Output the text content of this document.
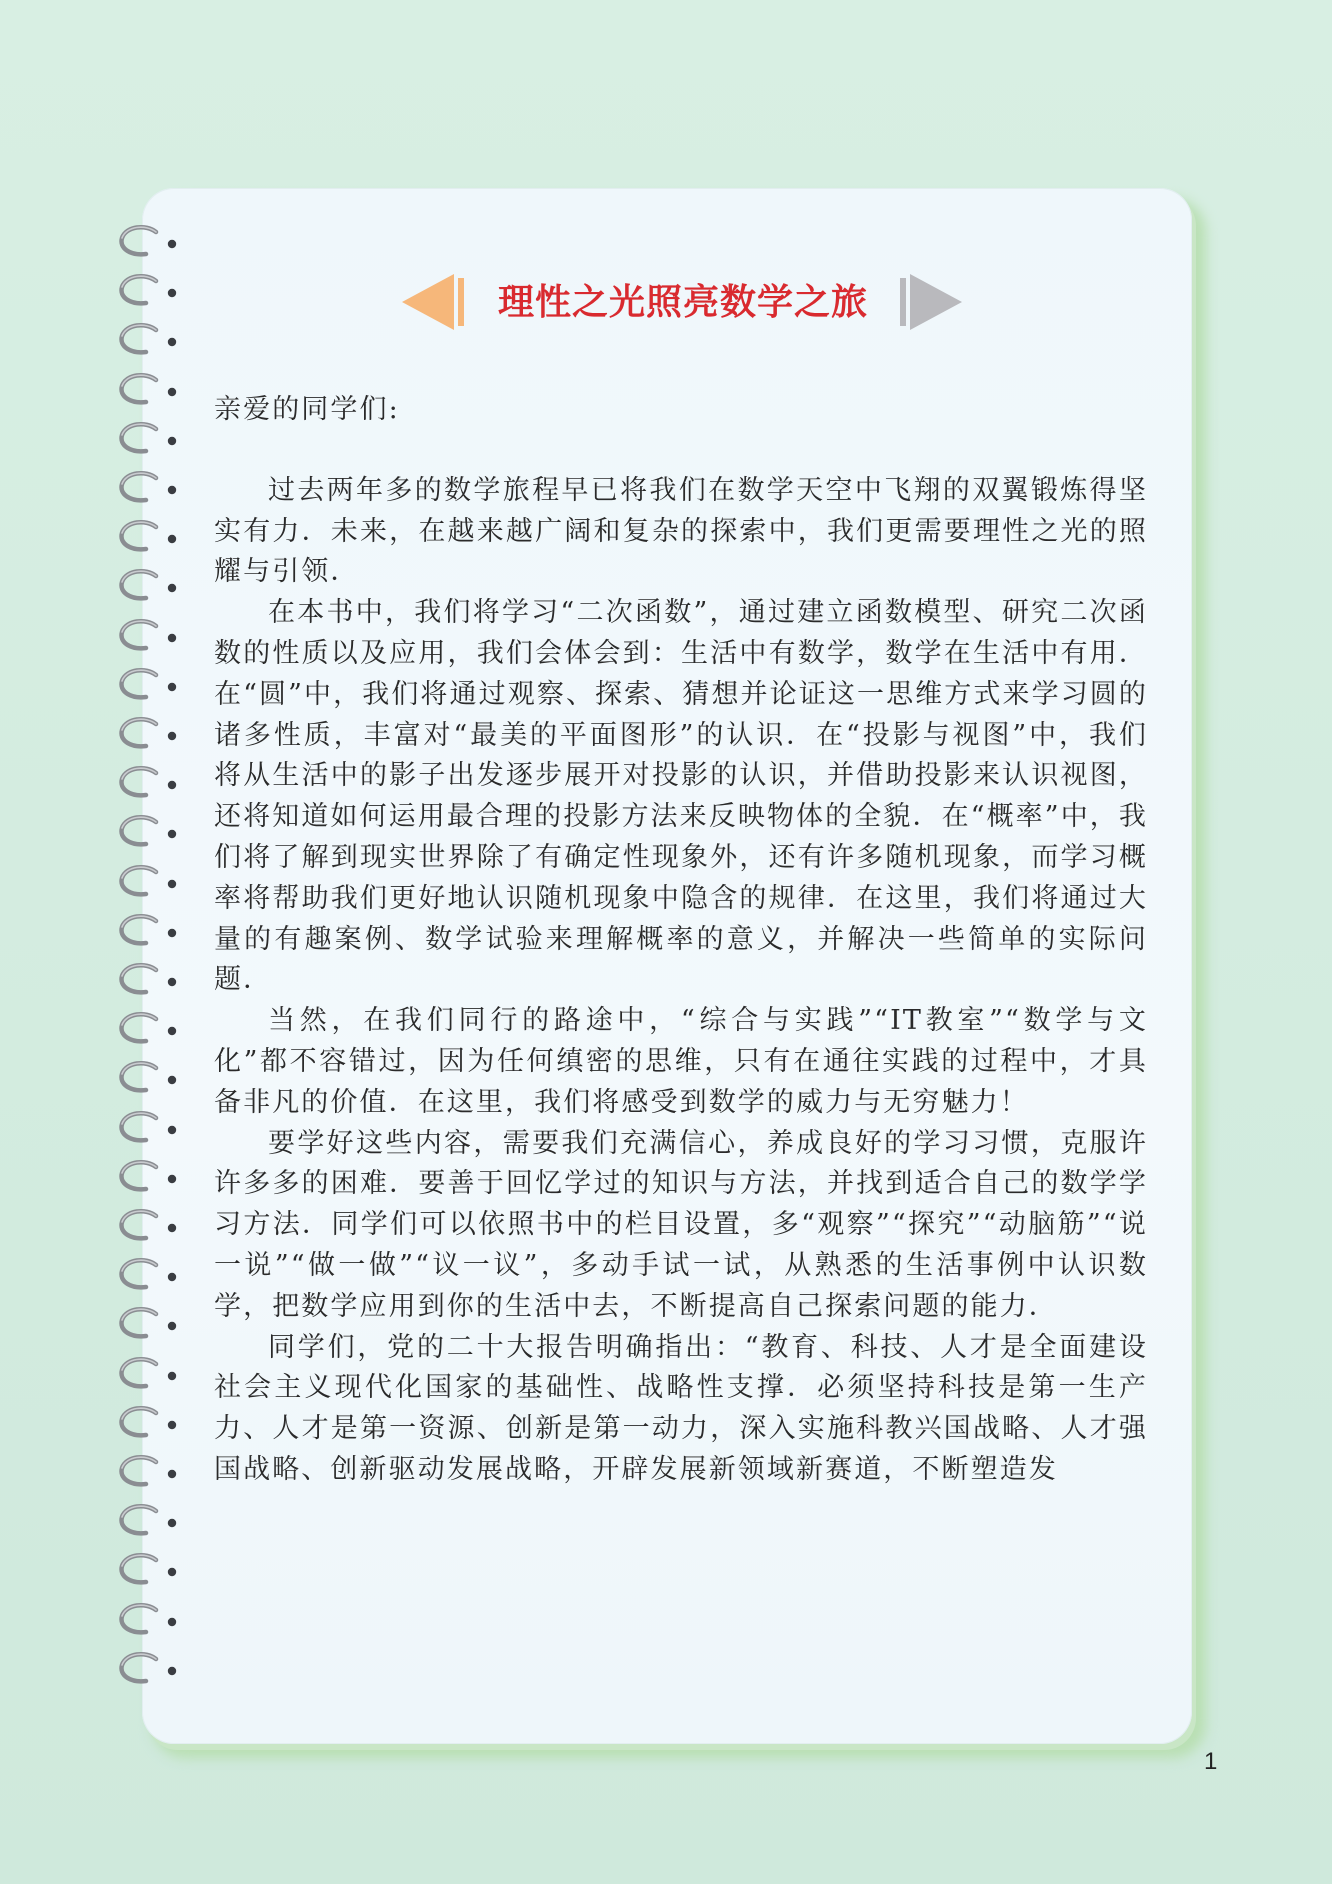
理性之光照亮数学之旅

亲爱的同学们:

过去两年多的数学旅程早已将我们在数学天空中飞翔的双翼锻炼得坚实有力．未来，在越来越广阔和复杂的探索中，我们更需要理性之光的照耀与引领．

在本书中，我们将学习“二次函数”，通过建立函数模型、研究二次函数的性质以及应用，我们会体会到：生活中有数学，数学在生活中有用．在“圆”中，我们将通过观察、探索、猜想并论证这一思维方式来学习圆的诸多性质，丰富对“最美的平面图形”的认识．在“投影与视图”中，我们将从生活中的影子出发逐步展开对投影的认识，并借助投影来认识视图，还将知道如何运用最合理的投影方法来反映物体的全貌．在“概率”中，我们将了解到现实世界除了有确定性现象外，还有许多随机现象，而学习概率将帮助我们更好地认识随机现象中隐含的规律．在这里，我们将通过大量的有趣案例、数学试验来理解概率的意义，并解决一些简单的实际问题．

当然，在我们同行的路途中，“综合与实践”“IT教室”“数学与文化”都不容错过，因为任何缜密的思维，只有在通往实践的过程中，才具备非凡的价值．在这里，我们将感受到数学的威力与无穷魅力！

要学好这些内容，需要我们充满信心，养成良好的学习习惯，克服许许多多的困难．要善于回忆学过的知识与方法，并找到适合自己的数学学习方法．同学们可以依照书中的栏目设置，多“观察”“探究”“动脑筋”“说一说”“做一做”“议一议”，多动手试一试，从熟悉的生活事例中认识数学，把数学应用到你的生活中去，不断提高自己探索问题的能力．

同学们，党的二十大报告明确指出：“教育、科技、人才是全面建设社会主义现代化国家的基础性、战略性支撑．必须坚持科技是第一生产力、人才是第一资源、创新是第一动力，深入实施科教兴国战略、人才强国战略、创新驱动发展战略，开辟发展新领域新赛道，不断塑造发

1
